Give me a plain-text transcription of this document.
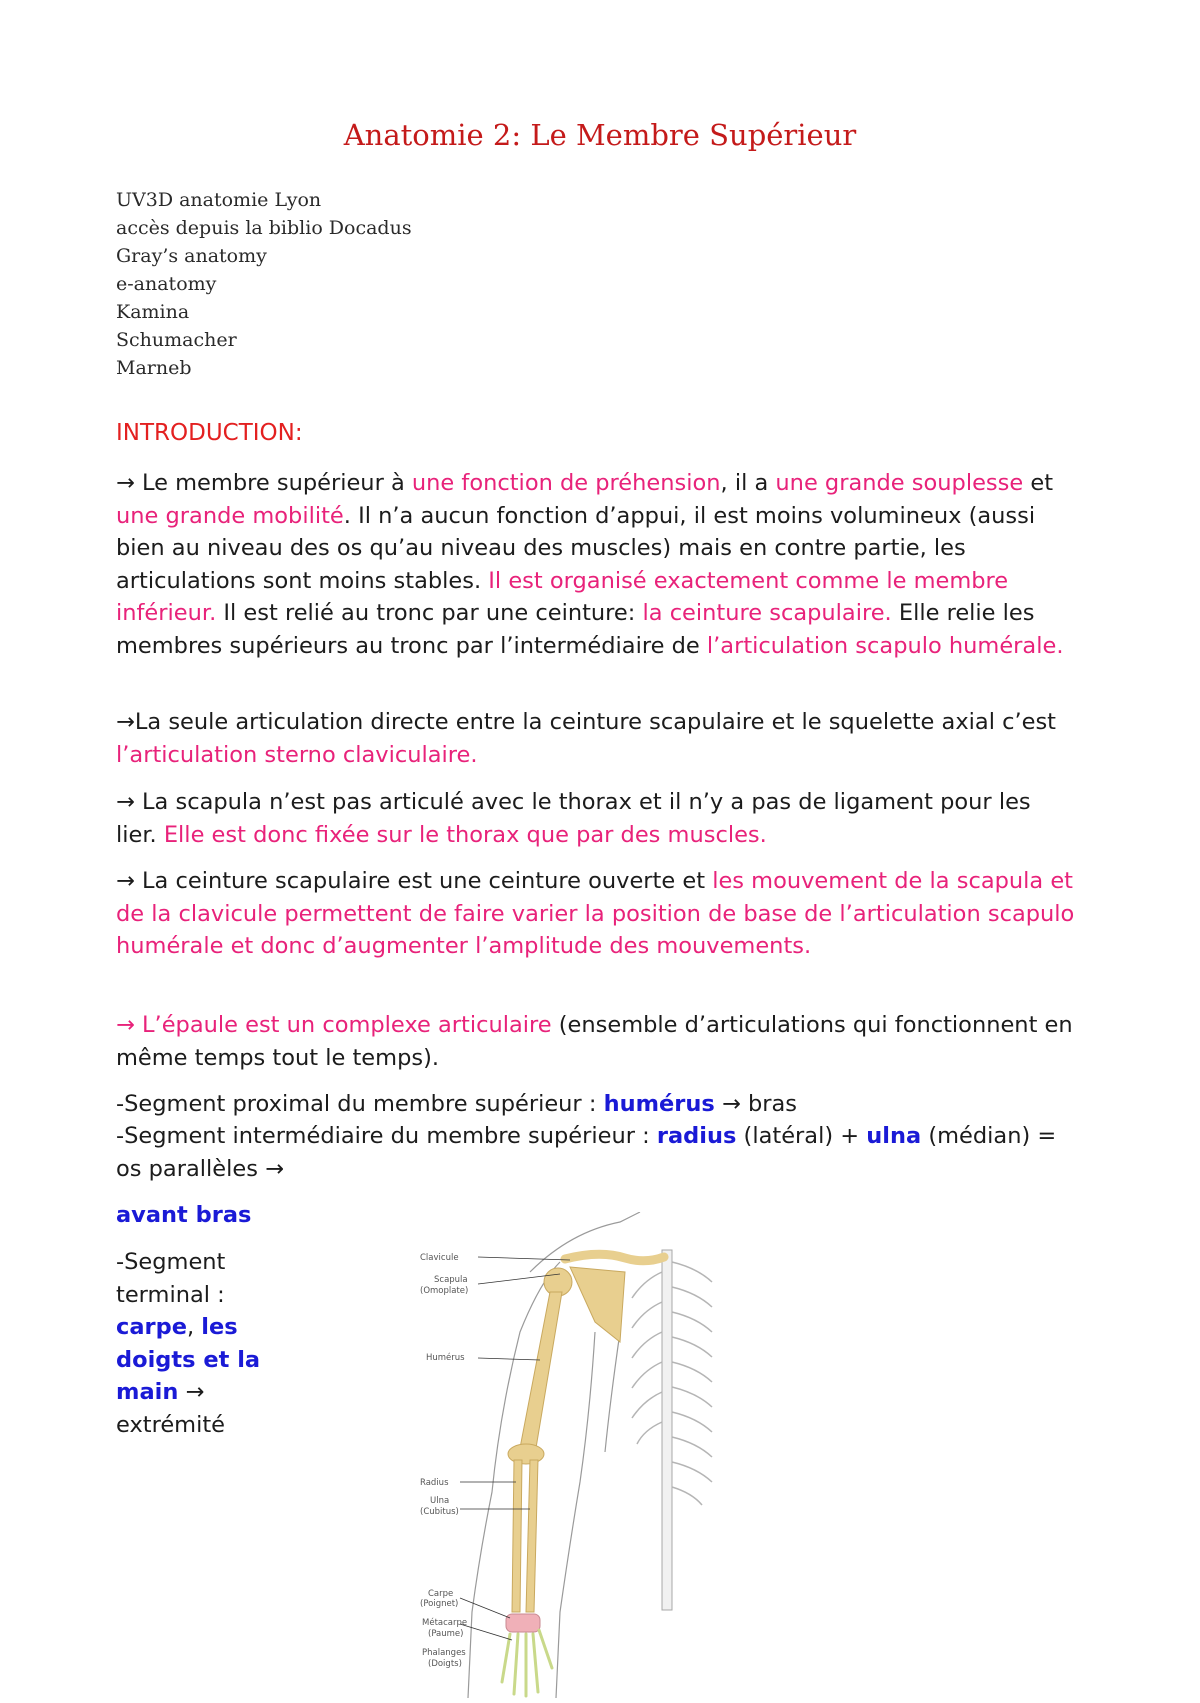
Anatomie 2: Le Membre Supérieur
UV3D anatomie Lyon
accès depuis la biblio Docadus
Gray’s anatomy
e-anatomy
Kamina
Schumacher
Marneb
INTRODUCTION:
→ Le membre supérieur à une fonction de préhension, il a une grande souplesse et une grande mobilité. Il n’a aucun fonction d’appui, il est moins volumineux (aussi bien au niveau des os qu’au niveau des muscles) mais en contre partie, les articulations sont moins stables. Il est organisé exactement comme le membre inférieur. Il est relié au tronc par une ceinture: la ceinture scapulaire. Elle relie les membres supérieurs au tronc par l’intermédiaire de l’articulation scapulo humérale.
→La seule articulation directe entre la ceinture scapulaire et le squelette axial c’est l’articulation sterno claviculaire.
→ La scapula n’est pas articulé avec le thorax et il n’y a pas de ligament pour les lier. Elle est donc fixée sur le thorax que par des muscles.
→ La ceinture scapulaire est une ceinture ouverte et les mouvement de la scapula et de la clavicule permettent de faire varier la position de base de l’articulation scapulo humérale et donc d’augmenter l’amplitude des mouvements.
→ L’épaule est un complexe articulaire (ensemble d’articulations qui fonctionnent en même temps tout le temps).
-Segment proximal du membre supérieur : humérus → bras
-Segment intermédiaire du membre supérieur : radius (latéral) + ulna (médian) = os parallèles →
avant bras
-Segment terminal : carpe, les doigts et la main → extrémité
Clavicule
Scapula
(Omoplate)
Humérus
Radius
Ulna
(Cubitus)
Carpe
(Poignet)
Métacarpe
(Paume)
Phalanges
(Doigts)
